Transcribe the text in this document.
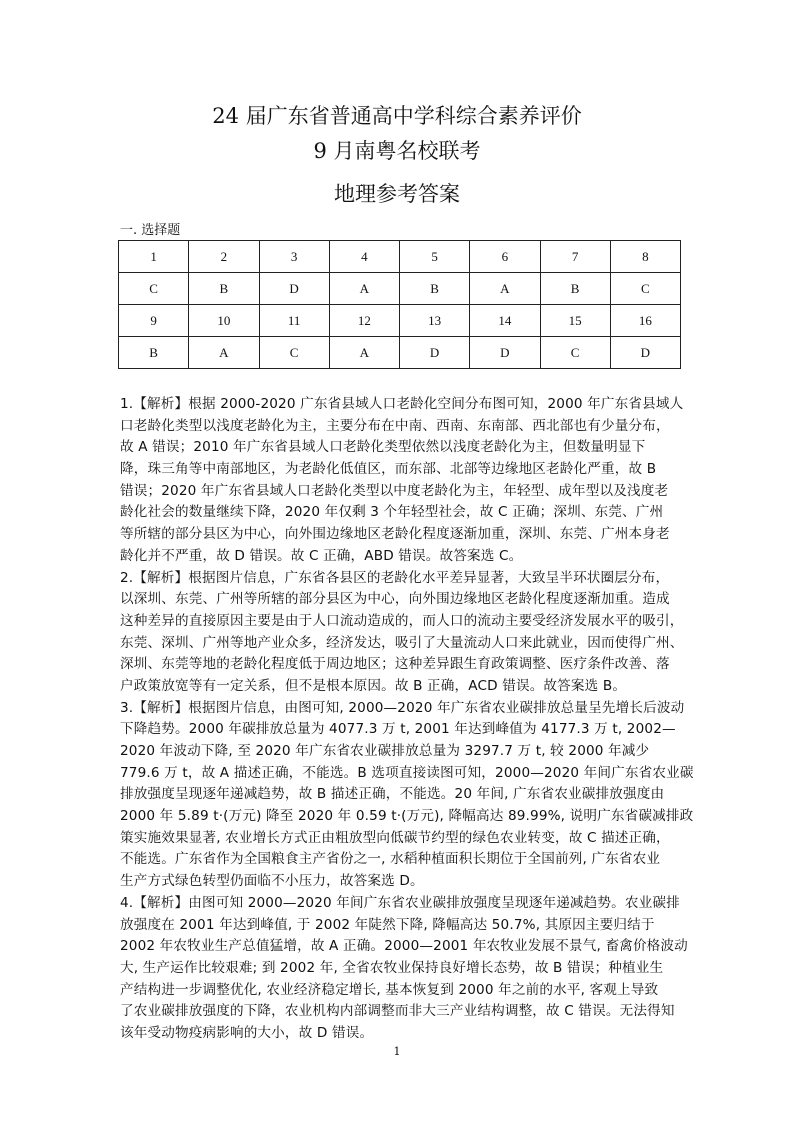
24 届广东省普通高中学科综合素养评价
9 月南粤名校联考
地理参考答案
一. 选择题
1	2	3	4	5	6	7	8
C	B	D	A	B	A	B	C
9	10	11	12	13	14	15	16
B	A	C	A	D	D	C	D
1.【解析】根据 2000-2020 广东省县域人口老龄化空间分布图可知，2000 年广东省县域人
口老龄化类型以浅度老龄化为主，主要分布在中南、西南、东南部、西北部也有少量分布，
故 A 错误；2010 年广东省县域人口老龄化类型依然以浅度老龄化为主，但数量明显下
降，珠三角等中南部地区，为老龄化低值区，而东部、北部等边缘地区老龄化严重，故 B
错误；2020 年广东省县域人口老龄化类型以中度老龄化为主，年轻型、成年型以及浅度老
龄化社会的数量继续下降，2020 年仅剩 3 个年轻型社会，故 C 正确；深圳、东莞、广州
等所辖的部分县区为中心，向外围边缘地区老龄化程度逐渐加重，深圳、东莞、广州本身老
龄化并不严重，故 D 错误。故 C 正确，ABD 错误。故答案选 C。
2.【解析】根据图片信息，广东省各县区的老龄化水平差异显著，大致呈半环状圈层分布，
以深圳、东莞、广州等所辖的部分县区为中心，向外围边缘地区老龄化程度逐渐加重。造成
这种差异的直接原因主要是由于人口流动造成的，而人口的流动主要受经济发展水平的吸引，
东莞、深圳、广州等地产业众多，经济发达，吸引了大量流动人口来此就业，因而使得广州、
深圳、东莞等地的老龄化程度低于周边地区；这种差异跟生育政策调整、医疗条件改善、落
户政策放宽等有一定关系，但不是根本原因。故 B 正确，ACD 错误。故答案选 B。
3.【解析】根据图片信息，由图可知, 2000—2020 年广东省农业碳排放总量呈先增长后波动
下降趋势。2000 年碳排放总量为 4077.3 万 t, 2001 年达到峰值为 4177.3 万 t, 2002—
2020 年波动下降, 至 2020 年广东省农业碳排放总量为 3297.7 万 t, 较 2000 年减少
779.6 万 t，故 A 描述正确，不能选。B 选项直接读图可知，2000—2020 年间广东省农业碳
排放强度呈现逐年递减趋势，故 B 描述正确，不能选。20 年间, 广东省农业碳排放强度由
2000 年 5.89 t·(万元) 降至 2020 年 0.59 t·(万元), 降幅高达 89.99%, 说明广东省碳减排政
策实施效果显著, 农业增长方式正由粗放型向低碳节约型的绿色农业转变，故 C 描述正确，
不能选。广东省作为全国粮食主产省份之一, 水稻种植面积长期位于全国前列, 广东省农业
生产方式绿色转型仍面临不小压力，故答案选 D。
4.【解析】由图可知 2000—2020 年间广东省农业碳排放强度呈现逐年递减趋势。农业碳排
放强度在 2001 年达到峰值, 于 2002 年陡然下降, 降幅高达 50.7%, 其原因主要归结于
2002 年农牧业生产总值猛增，故 A 正确。2000—2001 年农牧业发展不景气, 畜禽价格波动
大, 生产运作比较艰难; 到 2002 年, 全省农牧业保持良好增长态势，故 B 错误；种植业生
产结构进一步调整优化, 农业经济稳定增长, 基本恢复到 2000 年之前的水平, 客观上导致
了农业碳排放强度的下降，农业机构内部调整而非大三产业结构调整，故 C 错误。无法得知
该年受动物疫病影响的大小，故 D 错误。
1
